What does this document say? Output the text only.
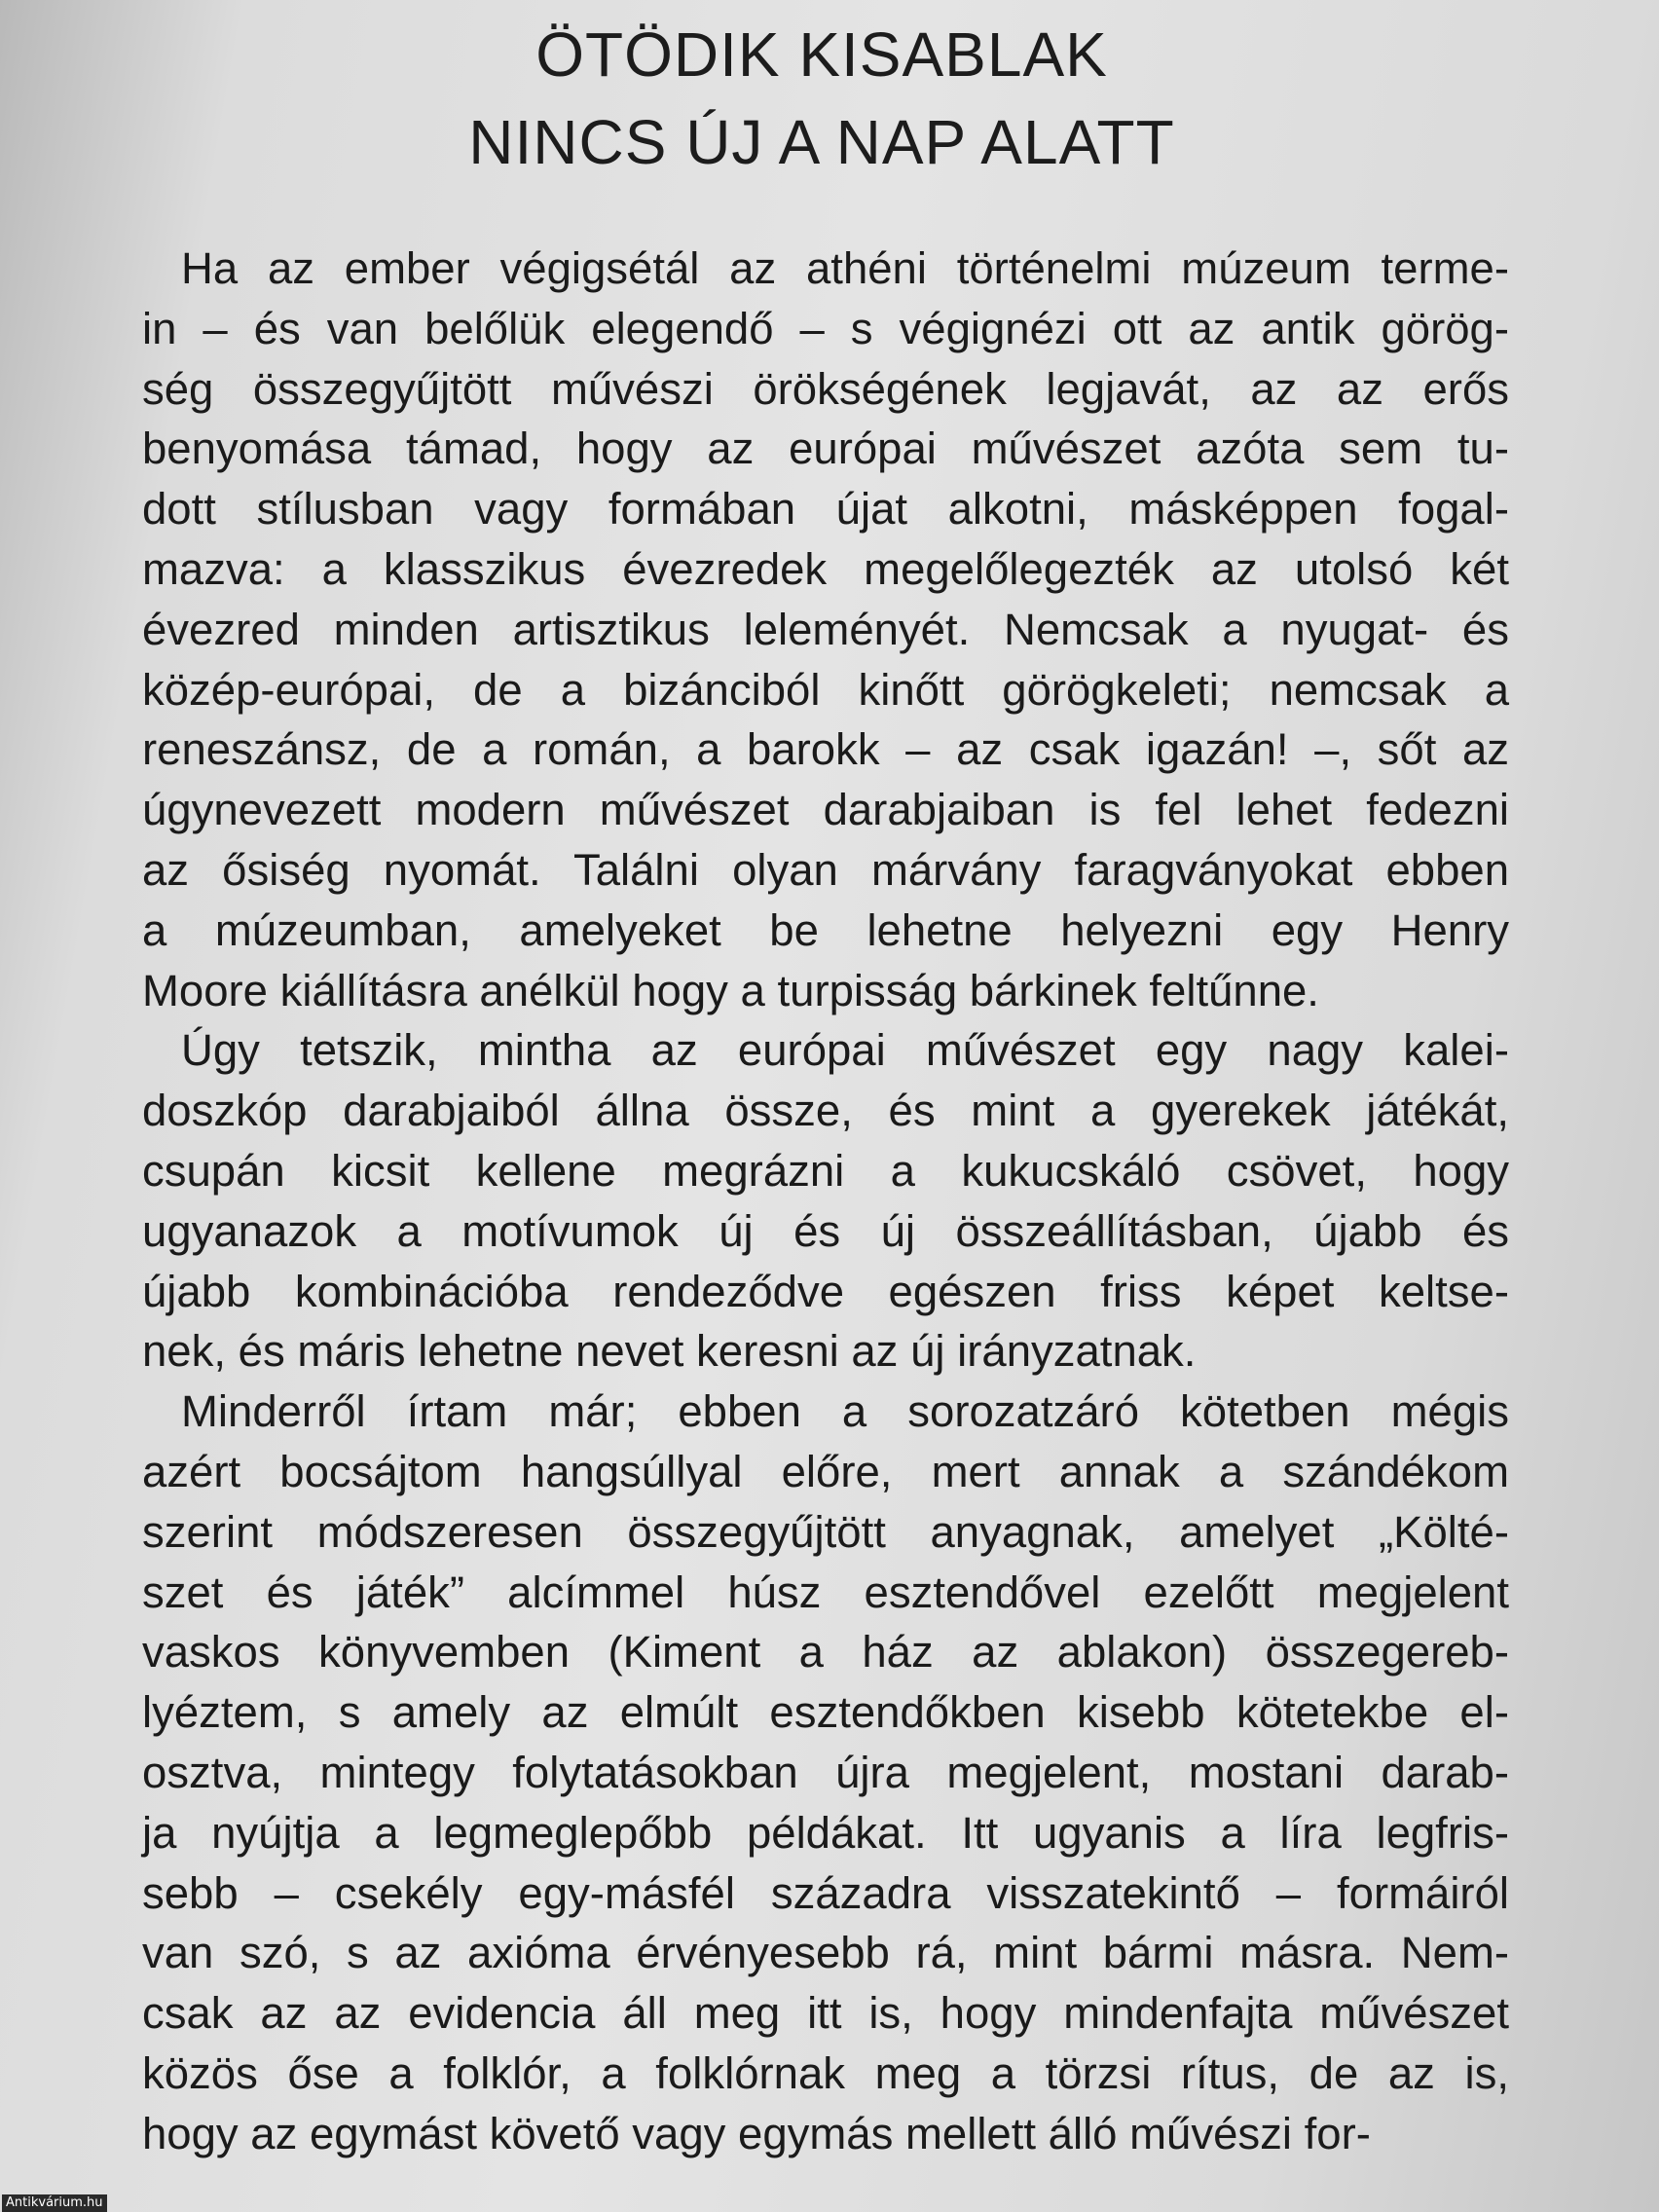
ÖTÖDIK KISABLAK
NINCS ÚJ A NAP ALATT
Ha az ember végigsétál az athéni történelmi múzeum terme-
in – és van belőlük elegendő – s végignézi ott az antik görög-
ség összegyűjtött művészi örökségének legjavát, az az erős
benyomása támad, hogy az európai művészet azóta sem tu-
dott stílusban vagy formában újat alkotni, másképpen fogal-
mazva: a klasszikus évezredek megelőlegezték az utolsó két
évezred minden artisztikus leleményét. Nemcsak a nyugat- és
közép-európai, de a bizánciból kinőtt görögkeleti; nemcsak a
reneszánsz, de a román, a barokk – az csak igazán! –, sőt az
úgynevezett modern művészet darabjaiban is fel lehet fedezni
az ősiség nyomát. Találni olyan márvány faragványokat ebben
a múzeumban, amelyeket be lehetne helyezni egy Henry
Moore kiállításra anélkül hogy a turpisság bárkinek feltűnne.
Úgy tetszik, mintha az európai művészet egy nagy kalei-
doszkóp darabjaiból állna össze, és mint a gyerekek játékát,
csupán kicsit kellene megrázni a kukucskáló csövet, hogy
ugyanazok a motívumok új és új összeállításban, újabb és
újabb kombinációba rendeződve egészen friss képet keltse-
nek, és máris lehetne nevet keresni az új irányzatnak.
Minderről írtam már; ebben a sorozatzáró kötetben mégis
azért bocsájtom hangsúllyal előre, mert annak a szándékom
szerint módszeresen összegyűjtött anyagnak, amelyet „Költé-
szet és játék” alcímmel húsz esztendővel ezelőtt megjelent
vaskos könyvemben (Kiment a ház az ablakon) összegereb-
lyéztem, s amely az elmúlt esztendőkben kisebb kötetekbe el-
osztva, mintegy folytatásokban újra megjelent, mostani darab-
ja nyújtja a legmeglepőbb példákat. Itt ugyanis a líra legfris-
sebb – csekély egy-másfél századra visszatekintő – formáiról
van szó, s az axióma érvényesebb rá, mint bármi másra. Nem-
csak az az evidencia áll meg itt is, hogy mindenfajta művészet
közös őse a folklór, a folklórnak meg a törzsi rítus, de az is,
hogy az egymást követő vagy egymás mellett álló művészi for-
Antikvárium.hu
